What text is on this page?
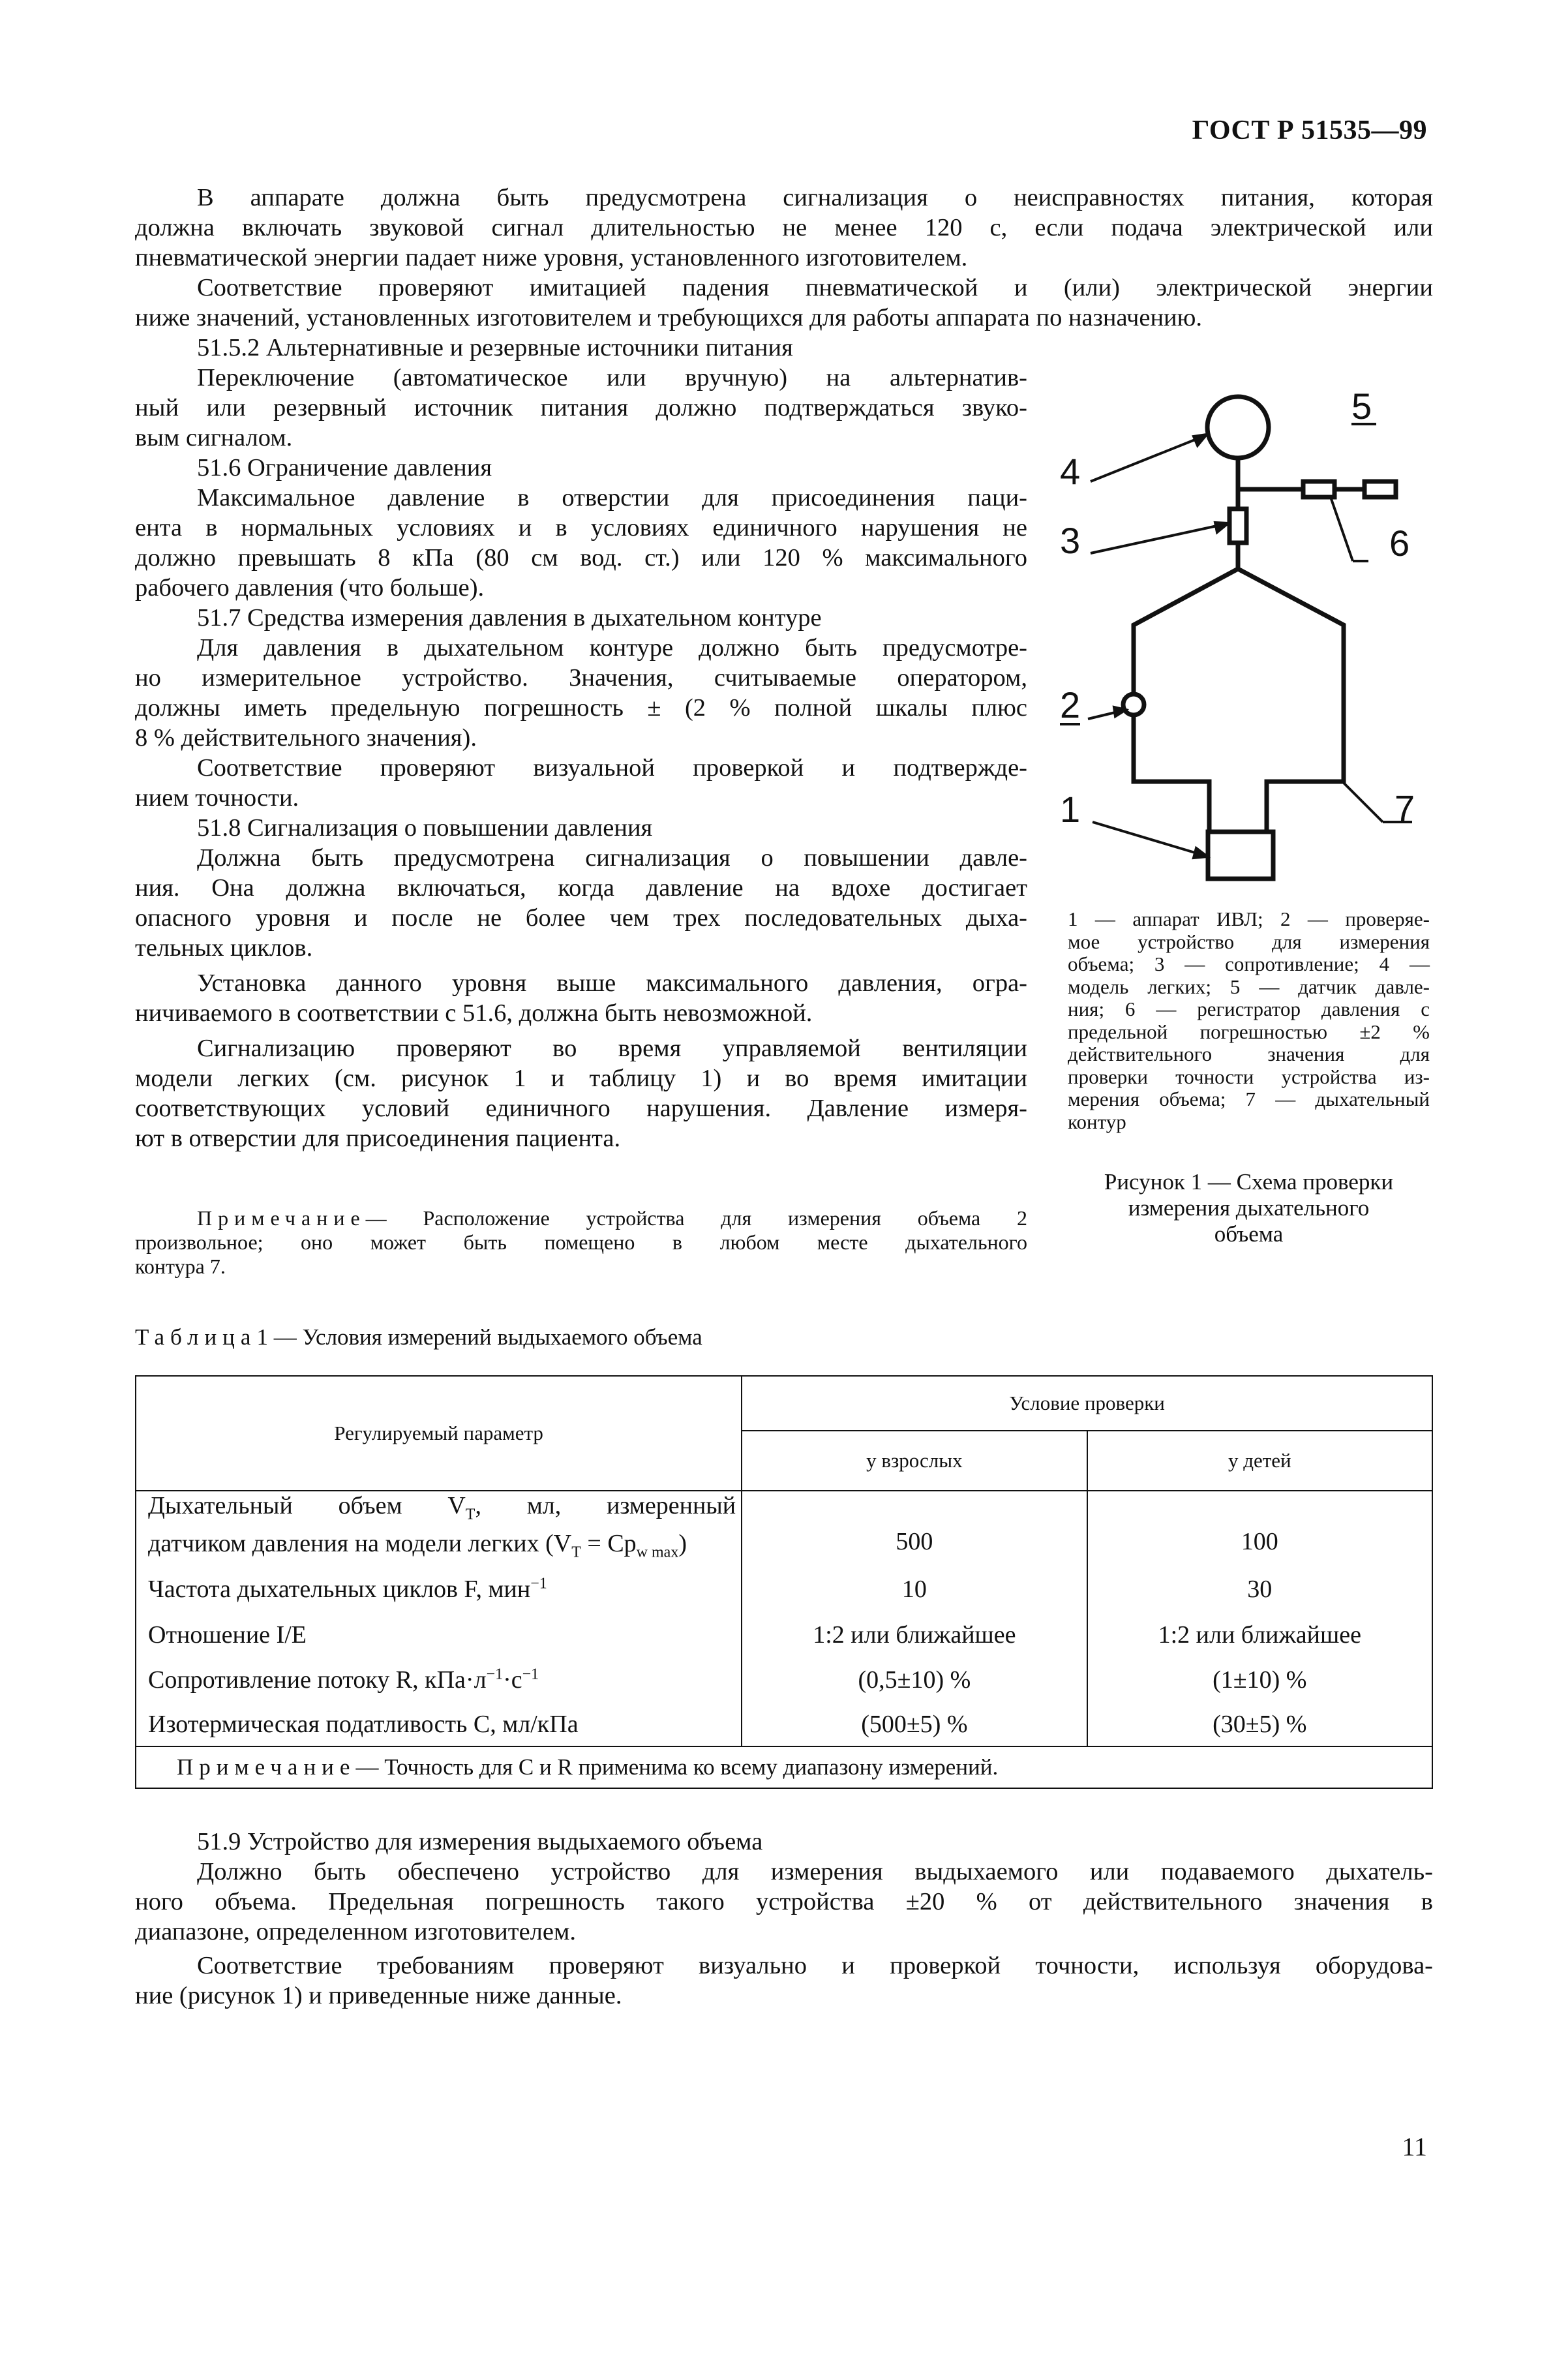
ГОСТ Р 51535—99
В аппарате должна быть предусмотрена сигнализация о неисправностях питания, которая
должна включать звуковой сигнал длительностью не менее 120 с, если подача электрической или
пневматической энергии падает ниже уровня, установленного изготовителем.
Соответствие проверяют имитацией падения пневматической и (или) электрической энергии
ниже значений, установленных изготовителем и требующихся для работы аппарата по назначению.
51.5.2 Альтернативные и резервные источники питания
Переключение (автоматическое или вручную) на альтернатив-
ный или резервный источник питания должно подтверждаться звуко-
вым сигналом.
51.6 Ограничение давления
Максимальное давление в отверстии для присоединения паци-
ента в нормальных условиях и в условиях единичного нарушения не
должно превышать 8 кПа (80 см вод. ст.) или 120 % максимального
рабочего давления (что больше).
51.7 Средства измерения давления в дыхательном контуре
Для давления в дыхательном контуре должно быть предусмотре-
но измерительное устройство. Значения, считываемые оператором,
должны иметь предельную погрешность ± (2 % полной шкалы плюс
8 % действительного значения).
Соответствие проверяют визуальной проверкой и подтвержде-
нием точности.
51.8 Сигнализация о повышении давления
Должна быть предусмотрена сигнализация о повышении давле-
ния. Она должна включаться, когда давление на вдохе достигает
опасного уровня и после не более чем трех последовательных дыха-
тельных циклов.
Установка данного уровня выше максимального давления, огра-
ничиваемого в соответствии с 51.6, должна быть невозможной.
Сигнализацию проверяют во время управляемой вентиляции
модели легких (см. рисунок 1 и таблицу 1) и во время имитации
соответствующих условий единичного нарушения. Давление измеря-
ют в отверстии для присоединения пациента.
Примечание— Расположение устройства для измерения объема 2
произвольное; оно может быть помещено в любом месте дыхательного
контура 7.
4
5
3	6
2
1	7
1 — аппарат ИВЛ; 2 — проверяе-
мое устройство для измерения
объема; 3 — сопротивление; 4 —
модель легких; 5 — датчик давле-
ния; 6 — регистратор давления с
предельной погрешностью ±2 %
действительного значения для
проверки точности устройства из-
мерения объема; 7 — дыхательный
контур
Рисунок 1 — Схема проверки
измерения дыхательного
объема
Таблица1 — Условия измерений выдыхаемого объема
Регулируемый параметр	Условие проверки	
	у взрослых	у детей

Дыхательный объем $V_Т$, мл, измеренный
датчиком давления на модели легких $(V_Т = Cp_{w max})$	500	100
Частота дыхательных циклов F, мин$^{-1}$	10	30
Отношение I/E	1:2 или ближайшее	1:2 или ближайшее
Сопротивление потоку R, $кПа\cdot л^{-1}\cdot с^{-1}$	(0,5±10) %	(1±10) %
Изотермическая податливость C, мл/кПа	(500±5) %	(30±5) %
Примечание— Точность для C и R применима ко всему диапазону измерений.		
51.9 Устройство для измерения выдыхаемого объема
Должно быть обеспечено устройство для измерения выдыхаемого или подаваемого дыхатель-
ного объема. Предельная погрешность такого устройства ±20 % от действительного значения в
диапазоне, определенном изготовителем.
Соответствие требованиям проверяют визуально и проверкой точности, используя оборудова-
ние (рисунок 1) и приведенные ниже данные.
11
